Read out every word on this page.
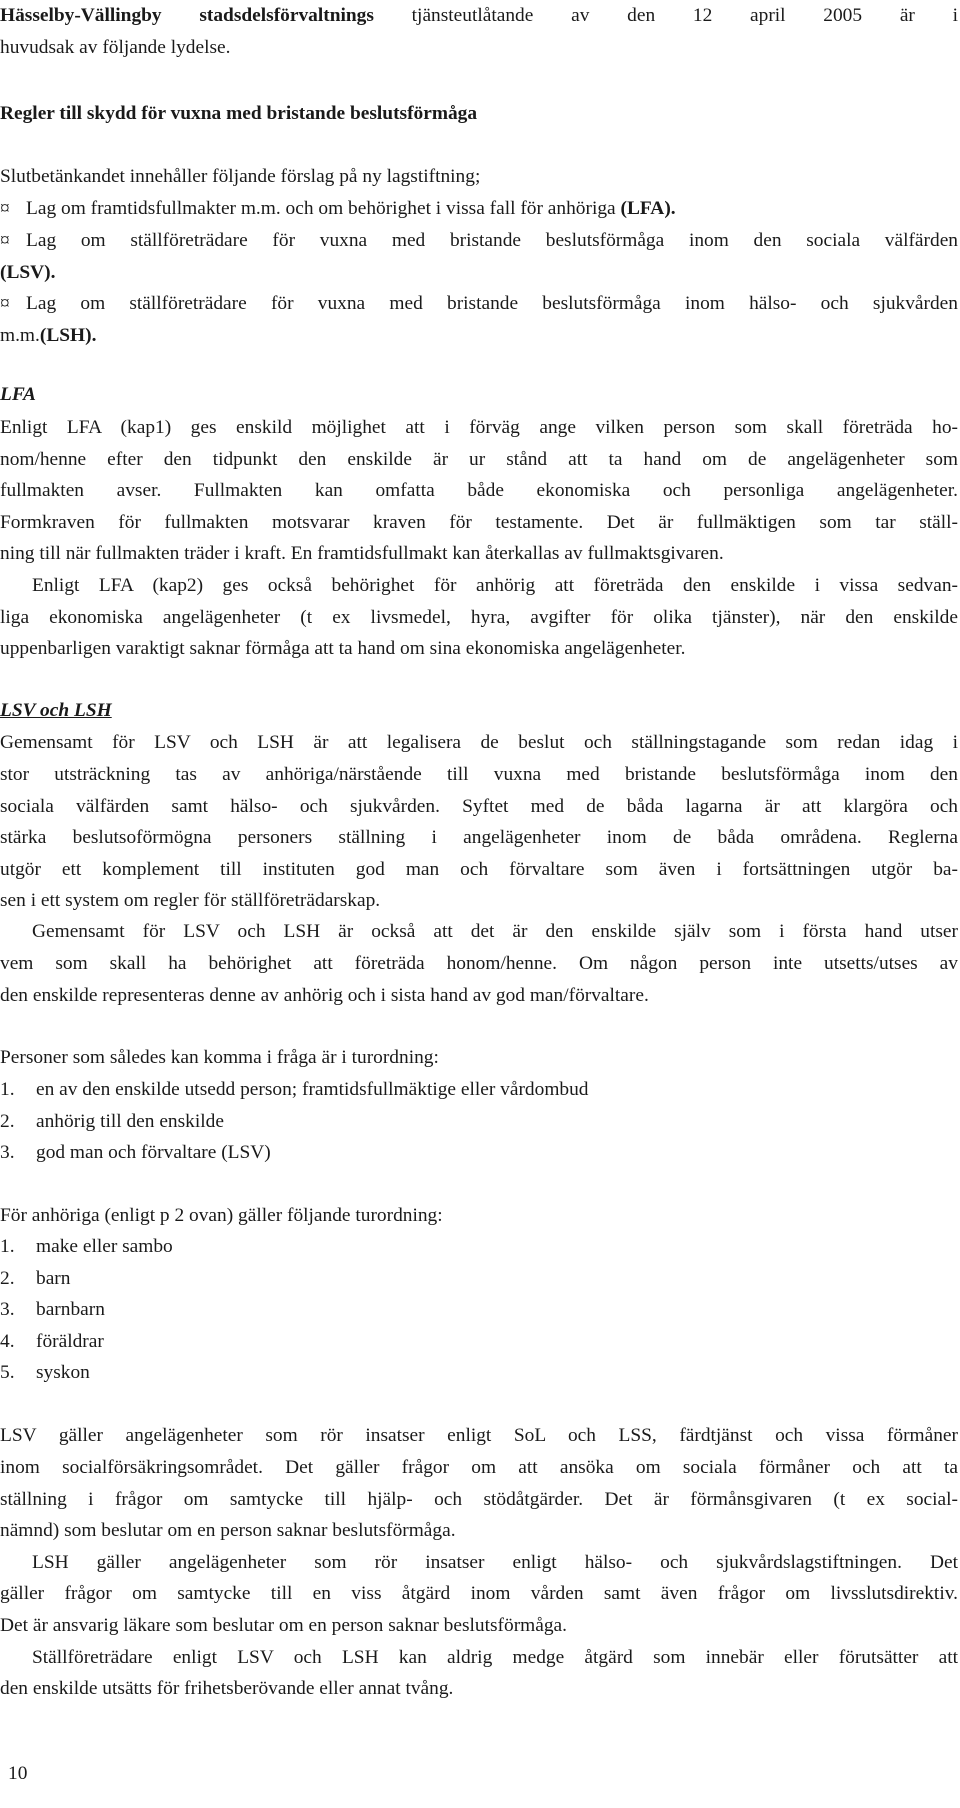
Hässelby-Vällingby stadsdelsförvaltnings tjänsteutlåtande av den 12 april 2005 är i
huvudsak av följande lydelse.
Regler till skydd för vuxna med bristande beslutsförmåga
Slutbetänkandet innehåller följande förslag på ny lagstiftning;
¤ Lag om framtidsfullmakter m.m. och om behörighet i vissa fall för anhöriga (LFA).
¤ Lag om ställföreträdare för vuxna med bristande beslutsförmåga inom den sociala välfärden
(LSV).
¤ Lag om ställföreträdare för vuxna med bristande beslutsförmåga inom hälso- och sjukvården
m.m.(LSH).
LFA
Enligt LFA (kap1) ges enskild möjlighet att i förväg ange vilken person som skall företräda ho-
nom/henne efter den tidpunkt den enskilde är ur stånd att ta hand om de angelägenheter som
fullmakten avser. Fullmakten kan omfatta både ekonomiska och personliga angelägenheter.
Formkraven för fullmakten motsvarar kraven för testamente. Det är fullmäktigen som tar ställ-
ning till när fullmakten träder i kraft. En framtidsfullmakt kan återkallas av fullmaktsgivaren.
Enligt LFA (kap2) ges också behörighet för anhörig att företräda den enskilde i vissa sedvan-
liga ekonomiska angelägenheter (t ex livsmedel, hyra, avgifter för olika tjänster), när den enskilde
uppenbarligen varaktigt saknar förmåga att ta hand om sina ekonomiska angelägenheter.
LSV och LSH
Gemensamt för LSV och LSH är att legalisera de beslut och ställningstagande som redan idag i
stor utsträckning tas av anhöriga/närstående till vuxna med bristande beslutsförmåga inom den
sociala välfärden samt hälso- och sjukvården. Syftet med de båda lagarna är att klargöra och
stärka beslutsoförmögna personers ställning i angelägenheter inom de båda områdena. Reglerna
utgör ett komplement till instituten god man och förvaltare som även i fortsättningen utgör ba-
sen i ett system om regler för ställföreträdarskap.
Gemensamt för LSV och LSH är också att det är den enskilde själv som i första hand utser
vem som skall ha behörighet att företräda honom/henne. Om någon person inte utsetts/utses av
den enskilde representeras denne av anhörig och i sista hand av god man/förvaltare.
Personer som således kan komma i fråga är i turordning:
1. en av den enskilde utsedd person; framtidsfullmäktige eller vårdombud
2. anhörig till den enskilde
3. god man och förvaltare (LSV)
För anhöriga (enligt p 2 ovan) gäller följande turordning:
1. make eller sambo
2. barn
3. barnbarn
4. föräldrar
5. syskon
LSV gäller angelägenheter som rör insatser enligt SoL och LSS, färdtjänst och vissa förmåner
inom socialförsäkringsområdet. Det gäller frågor om att ansöka om sociala förmåner och att ta
ställning i frågor om samtycke till hjälp- och stödåtgärder. Det är förmånsgivaren (t ex social-
nämnd) som beslutar om en person saknar beslutsförmåga.
LSH gäller angelägenheter som rör insatser enligt hälso- och sjukvårdslagstiftningen. Det
gäller frågor om samtycke till en viss åtgärd inom vården samt även frågor om livsslutsdirektiv.
Det är ansvarig läkare som beslutar om en person saknar beslutsförmåga.
Ställföreträdare enligt LSV och LSH kan aldrig medge åtgärd som innebär eller förutsätter att
den enskilde utsätts för frihetsberövande eller annat tvång.
10
